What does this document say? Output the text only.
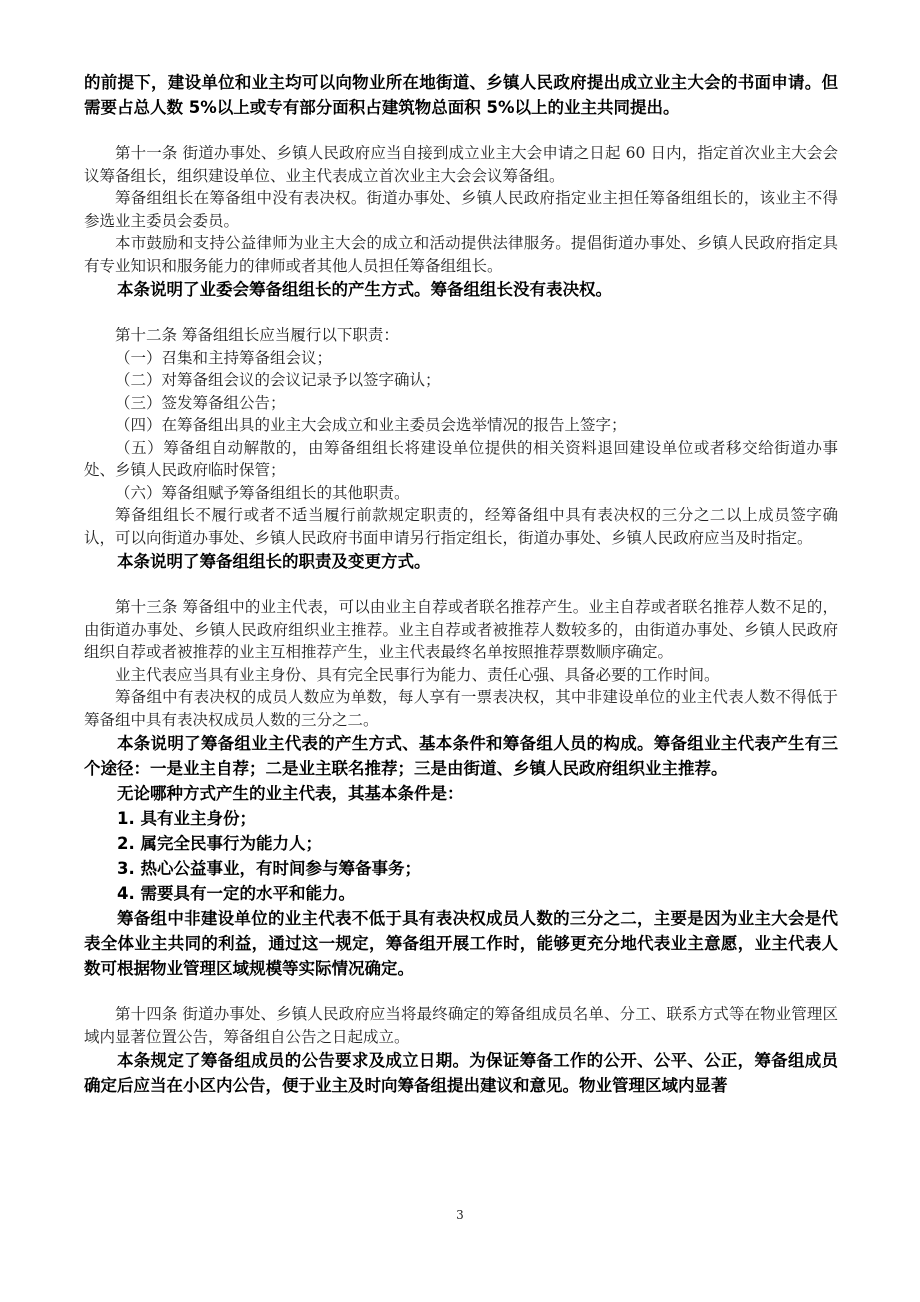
的前提下，建设单位和业主均可以向物业所在地街道、乡镇人民政府提出成立业主大会的书面申请。但需要占总人数 5%以上或专有部分面积占建筑物总面积 5%以上的业主共同提出。

第十一条 街道办事处、乡镇人民政府应当自接到成立业主大会申请之日起 60 日内，指定首次业主大会会议筹备组长，组织建设单位、业主代表成立首次业主大会会议筹备组。

筹备组组长在筹备组中没有表决权。街道办事处、乡镇人民政府指定业主担任筹备组组长的，该业主不得参选业主委员会委员。

本市鼓励和支持公益律师为业主大会的成立和活动提供法律服务。提倡街道办事处、乡镇人民政府指定具有专业知识和服务能力的律师或者其他人员担任筹备组组长。

本条说明了业委会筹备组组长的产生方式。筹备组组长没有表决权。

第十二条 筹备组组长应当履行以下职责：

（一）召集和主持筹备组会议；

（二）对筹备组会议的会议记录予以签字确认；

（三）签发筹备组公告；

（四）在筹备组出具的业主大会成立和业主委员会选举情况的报告上签字；

（五）筹备组自动解散的，由筹备组组长将建设单位提供的相关资料退回建设单位或者移交给街道办事处、乡镇人民政府临时保管；

（六）筹备组赋予筹备组组长的其他职责。

筹备组组长不履行或者不适当履行前款规定职责的，经筹备组中具有表决权的三分之二以上成员签字确认，可以向街道办事处、乡镇人民政府书面申请另行指定组长，街道办事处、乡镇人民政府应当及时指定。

本条说明了筹备组组长的职责及变更方式。

第十三条 筹备组中的业主代表，可以由业主自荐或者联名推荐产生。业主自荐或者联名推荐人数不足的，由街道办事处、乡镇人民政府组织业主推荐。业主自荐或者被推荐人数较多的，由街道办事处、乡镇人民政府组织自荐或者被推荐的业主互相推荐产生，业主代表最终名单按照推荐票数顺序确定。

业主代表应当具有业主身份、具有完全民事行为能力、责任心强、具备必要的工作时间。

筹备组中有表决权的成员人数应为单数，每人享有一票表决权，其中非建设单位的业主代表人数不得低于筹备组中具有表决权成员人数的三分之二。

本条说明了筹备组业主代表的产生方式、基本条件和筹备组人员的构成。筹备组业主代表产生有三个途径：一是业主自荐；二是业主联名推荐；三是由街道、乡镇人民政府组织业主推荐。

无论哪种方式产生的业主代表，其基本条件是：

1. 具有业主身份；

2. 属完全民事行为能力人；

3. 热心公益事业，有时间参与筹备事务；

4. 需要具有一定的水平和能力。

筹备组中非建设单位的业主代表不低于具有表决权成员人数的三分之二，主要是因为业主大会是代表全体业主共同的利益，通过这一规定，筹备组开展工作时，能够更充分地代表业主意愿，业主代表人数可根据物业管理区域规模等实际情况确定。

第十四条 街道办事处、乡镇人民政府应当将最终确定的筹备组成员名单、分工、联系方式等在物业管理区域内显著位置公告，筹备组自公告之日起成立。

本条规定了筹备组成员的公告要求及成立日期。为保证筹备工作的公开、公平、公正，筹备组成员确定后应当在小区内公告，便于业主及时向筹备组提出建议和意见。物业管理区域内显著

3
